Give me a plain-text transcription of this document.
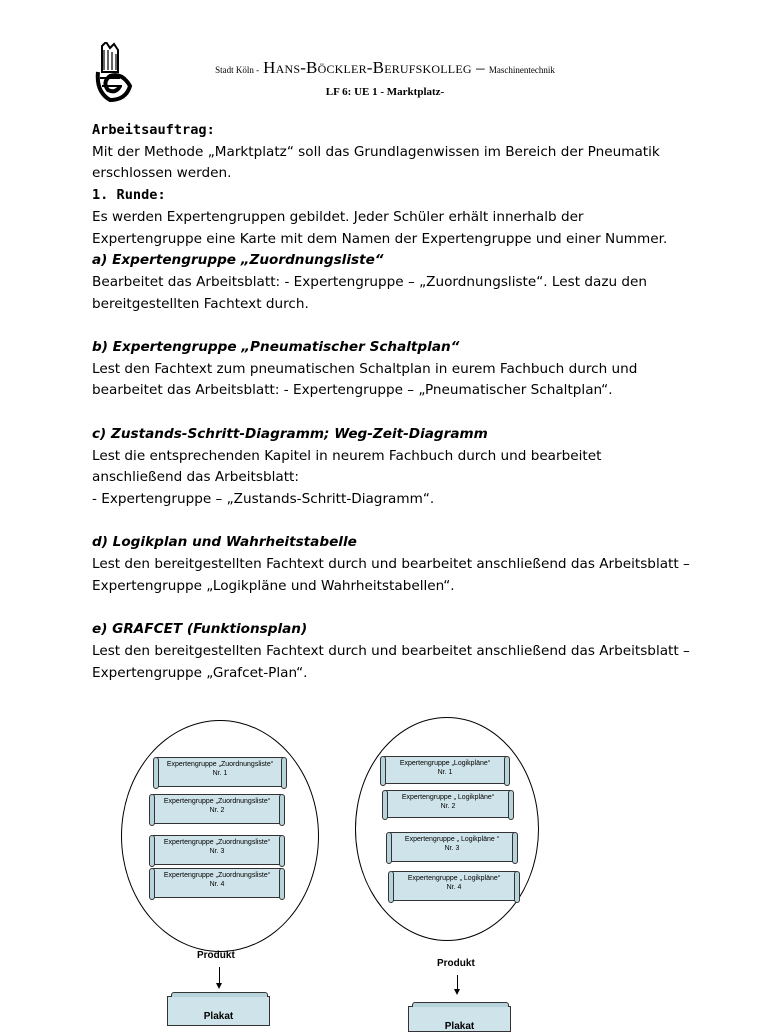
Stadt Köln - Hans-Böckler-Berufskolleg – Maschinentechnik
LF 6: UE 1 - Marktplatz-

Arbeitsauftrag:

Mit der Methode „Marktplatz“ soll das Grundlagenwissen im Bereich der Pneumatik erschlossen werden.

1. Runde:

Es werden Expertengruppen gebildet. Jeder Schüler erhält innerhalb der Expertengruppe eine Karte mit dem Namen der Expertengruppe und einer Nummer.

a) Expertengruppe „Zuordnungsliste“

Bearbeitet das Arbeitsblatt: - Expertengruppe – „Zuordnungsliste“. Lest dazu den bereitgestellten Fachtext durch.

b) Expertengruppe „Pneumatischer Schaltplan“

Lest den Fachtext zum pneumatischen Schaltplan in eurem Fachbuch durch und bearbeitet das Arbeitsblatt: - Expertengruppe – „Pneumatischer Schaltplan“.

c) Zustands-Schritt-Diagramm; Weg-Zeit-Diagramm

Lest die entsprechenden Kapitel in neurem Fachbuch durch und bearbeitet anschließend das Arbeitsblatt:

- Expertengruppe – „Zustands-Schritt-Diagramm“.

d) Logikplan und Wahrheitstabelle

Lest den bereitgestellten Fachtext durch und bearbeitet anschließend das Arbeitsblatt – Expertengruppe „Logikpläne und Wahrheitstabellen“.

e) GRAFCET (Funktionsplan)

Lest den bereitgestellten Fachtext durch und bearbeitet anschließend das Arbeitsblatt – Expertengruppe „Grafcet-Plan“.

Expertengruppe „Zuordnungsliste“
Nr. 1
Expertengruppe „Zuordnungsliste“
Nr. 2
Expertengruppe „Zuordnungsliste“
Nr. 3
Expertengruppe „Zuordnungsliste“
Nr. 4
Expertengruppe „Logikpläne“
Nr. 1
Expertengruppe „ Logikpläne“
Nr. 2
Expertengruppe „ Logikpläne “
Nr. 3
Expertengruppe „ Logikpläne“
Nr. 4
Produkt
Plakat
Produkt
Plakat
